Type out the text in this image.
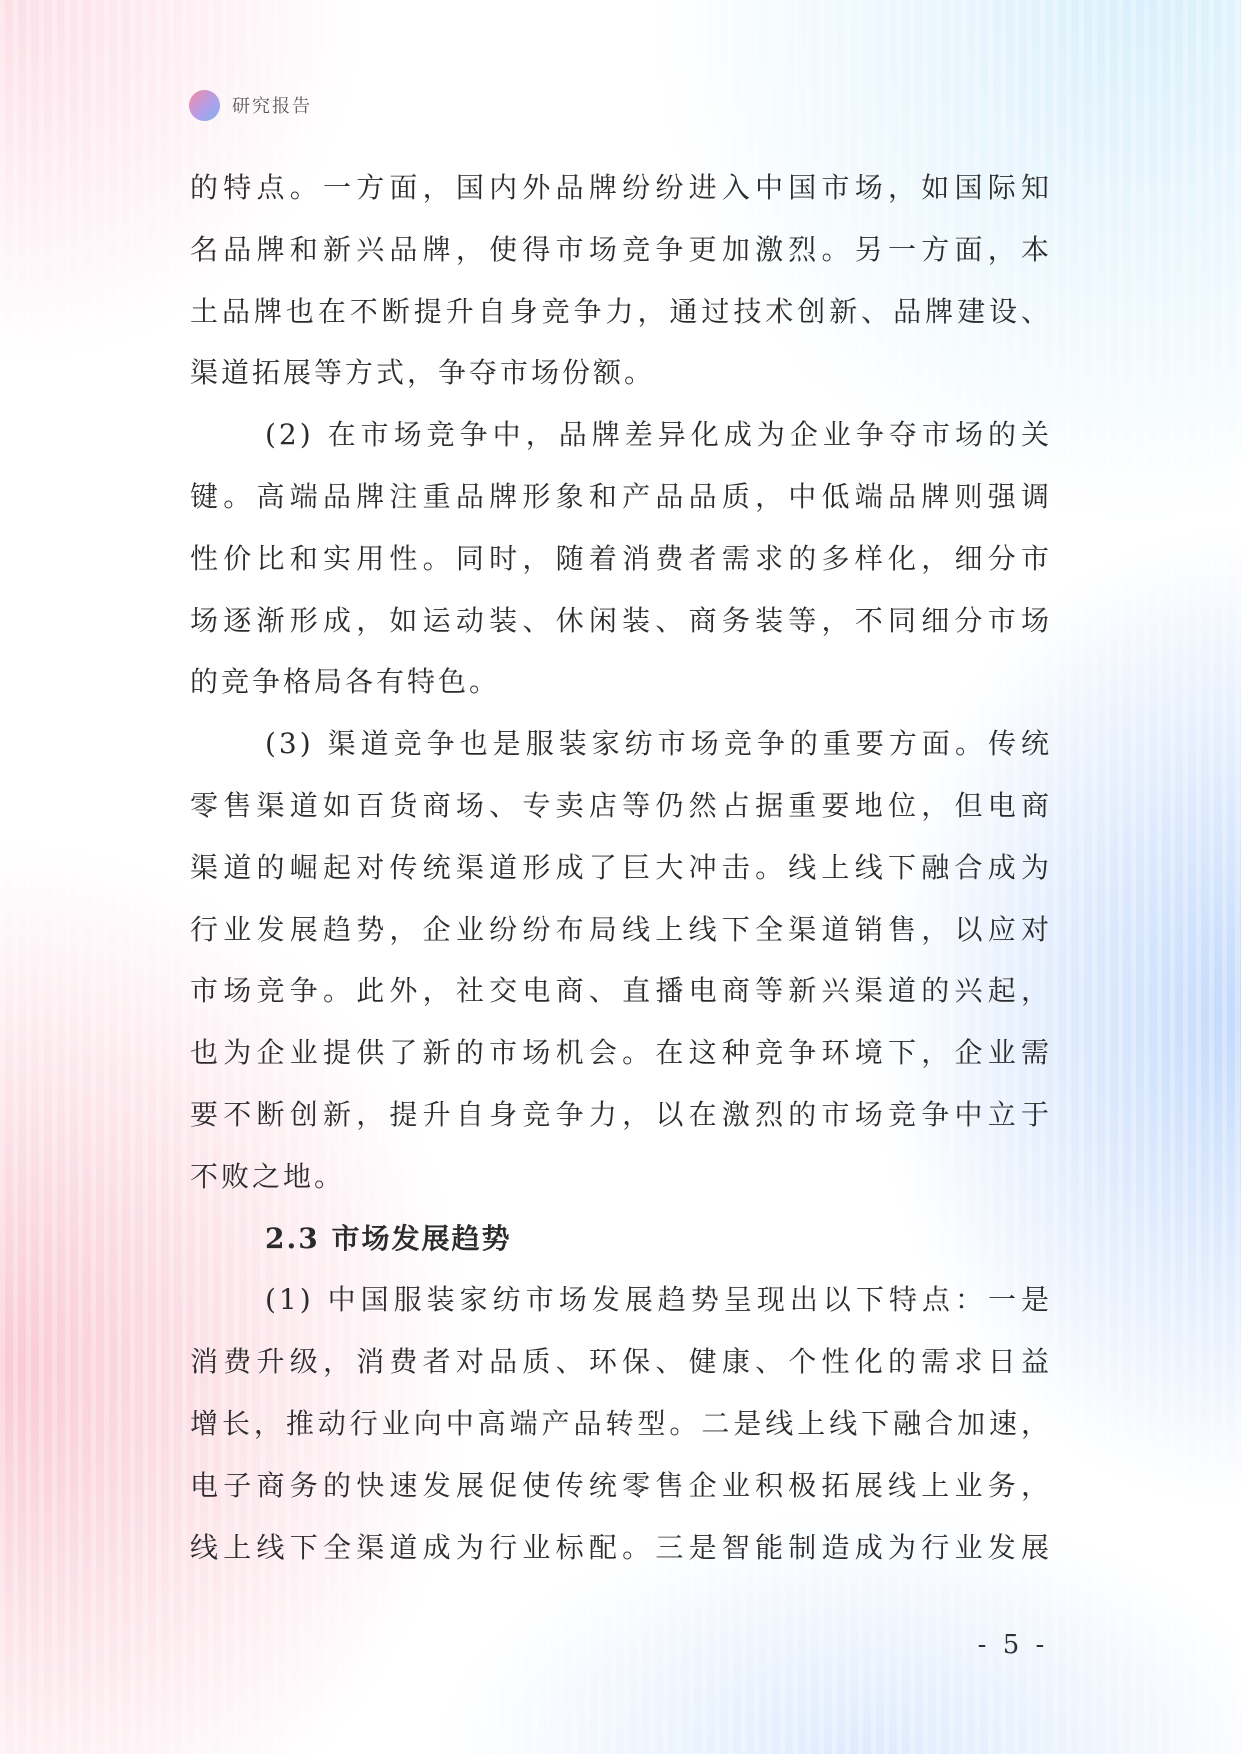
研究报告
的特点。一方面，国内外品牌纷纷进入中国市场，如国际知
名品牌和新兴品牌，使得市场竞争更加激烈。另一方面，本
土品牌也在不断提升自身竞争力，通过技术创新、品牌建设、
渠道拓展等方式，争夺市场份额。
(2) 在市场竞争中，品牌差异化成为企业争夺市场的关
键。高端品牌注重品牌形象和产品品质，中低端品牌则强调
性价比和实用性。同时，随着消费者需求的多样化，细分市
场逐渐形成，如运动装、休闲装、商务装等，不同细分市场
的竞争格局各有特色。
(3) 渠道竞争也是服装家纺市场竞争的重要方面。传统
零售渠道如百货商场、专卖店等仍然占据重要地位，但电商
渠道的崛起对传统渠道形成了巨大冲击。线上线下融合成为
行业发展趋势，企业纷纷布局线上线下全渠道销售，以应对
市场竞争。此外，社交电商、直播电商等新兴渠道的兴起，
也为企业提供了新的市场机会。在这种竞争环境下，企业需
要不断创新，提升自身竞争力，以在激烈的市场竞争中立于
不败之地。
2.3 市场发展趋势
(1) 中国服装家纺市场发展趋势呈现出以下特点：一是
消费升级，消费者对品质、环保、健康、个性化的需求日益
增长，推动行业向中高端产品转型。二是线上线下融合加速，
电子商务的快速发展促使传统零售企业积极拓展线上业务，
线上线下全渠道成为行业标配。三是智能制造成为行业发展
- 5 -
